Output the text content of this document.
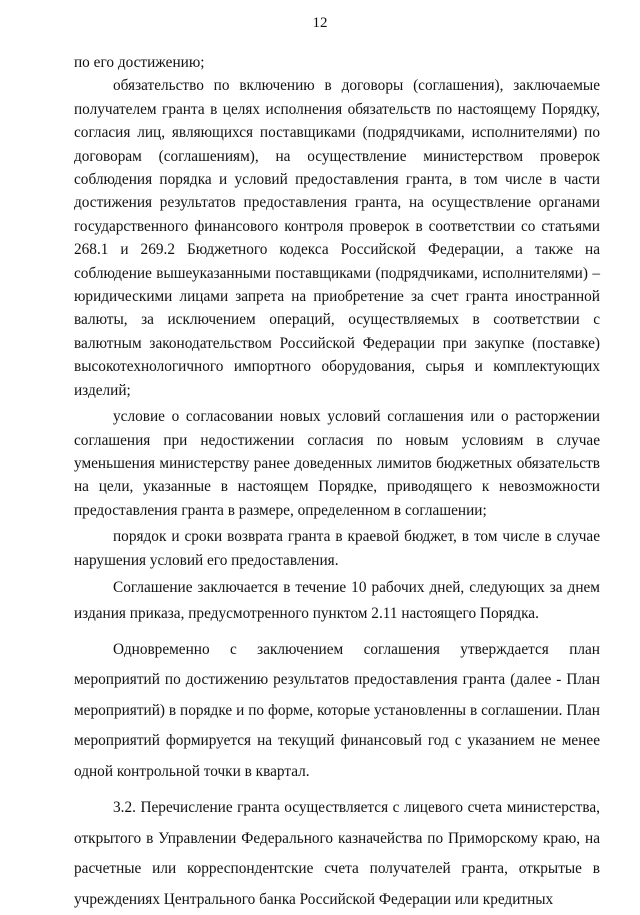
12

по его достижению;

обязательство по включению в договоры (соглашения), заключаемые получателем гранта в целях исполнения обязательств по настоящему Порядку, согласия лиц, являющихся поставщиками (подрядчиками, исполнителями) по договорам (соглашениям), на осуществление министерством проверок соблюдения порядка и условий предоставления гранта, в том числе в части достижения результатов предоставления гранта, на осуществление органами государственного финансового контроля проверок в соответствии со статьями 268.1 и 269.2 Бюджетного кодекса Российской Федерации, а также на соблюдение вышеуказанными поставщиками (подрядчиками, исполнителями) – юридическими лицами запрета на приобретение за счет гранта иностранной валюты, за исключением операций, осуществляемых в соответствии с валютным законодательством Российской Федерации при закупке (поставке) высокотехнологичного импортного оборудования, сырья и комплектующих изделий;

условие о согласовании новых условий соглашения или о расторжении соглашения при недостижении согласия по новым условиям в случае уменьшения министерству ранее доведенных лимитов бюджетных обязательств на цели, указанные в настоящем Порядке, приводящего к невозможности предоставления гранта в размере, определенном в соглашении;

порядок и сроки возврата гранта в краевой бюджет, в том числе в случае нарушения условий его предоставления.

Соглашение заключается в течение 10 рабочих дней, следующих за днем издания приказа, предусмотренного пунктом 2.11 настоящего Порядка.

Одновременно с заключением соглашения утверждается план мероприятий по достижению результатов предоставления гранта (далее - План мероприятий) в порядке и по форме, которые установленны в соглашении. План мероприятий формируется на текущий финансовый год с указанием не менее одной контрольной точки в квартал.

3.2. Перечисление гранта осуществляется с лицевого счета министерства, открытого в Управлении Федерального казначейства по Приморскому краю, на расчетные или корреспондентские счета получателей гранта, открытые в учреждениях Центрального банка Российской Федерации или кредитных
